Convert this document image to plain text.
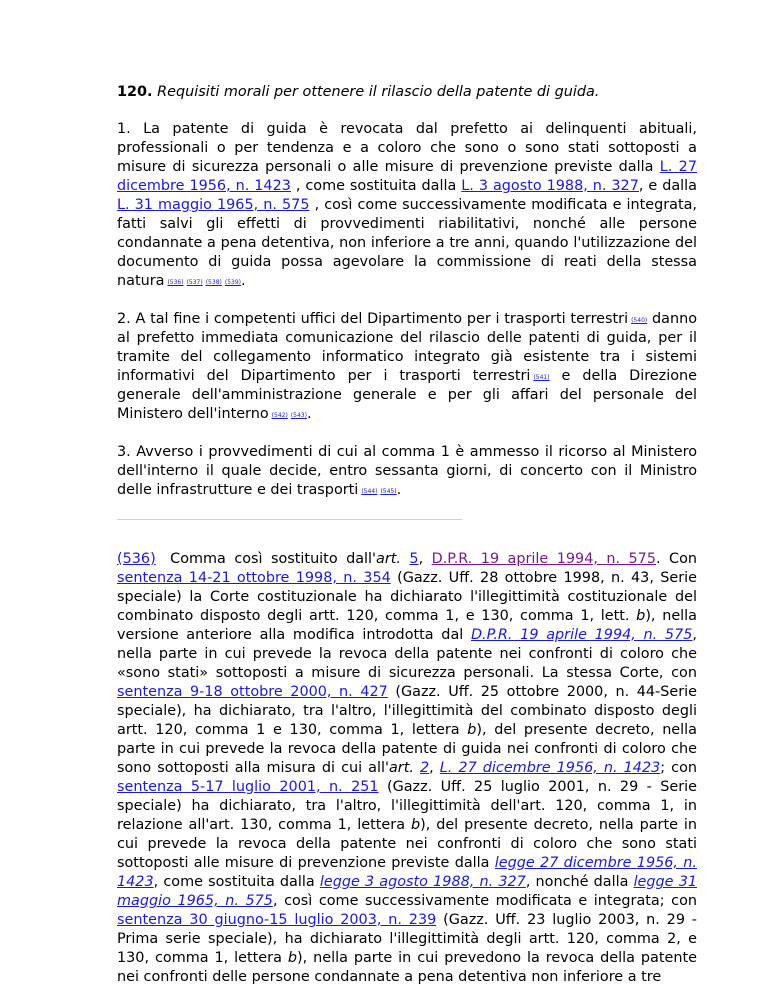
120. Requisiti morali per ottenere il rilascio della patente di guida.

1. La patente di guida è revocata dal prefetto ai delinquenti abituali, professionali o per tendenza e a coloro che sono o sono stati sottoposti a misure di sicurezza personali o alle misure di prevenzione previste dalla L. 27 dicembre 1956, n. 1423 , come sostituita dalla L. 3 agosto 1988, n. 327, e dalla L. 31 maggio 1965, n. 575 , così come successivamente modificata e integrata, fatti salvi gli effetti di provvedimenti riabilitativi, nonché alle persone condannate a pena detentiva, non inferiore a tre anni, quando l'utilizzazione del documento di guida possa agevolare la commissione di reati della stessa natura $^{(536)}$ $^{(537)}$ $^{(538)}$ $^{(539)}$.

2. A tal fine i competenti uffici del Dipartimento per i trasporti terrestri $^{(540)}$ danno al prefetto immediata comunicazione del rilascio delle patenti di guida, per il tramite del collegamento informatico integrato già esistente tra i sistemi informativi del Dipartimento per i trasporti terrestri $^{(541)}$ e della Direzione generale dell'amministrazione generale e per gli affari del personale del Ministero dell'interno $^{(542)}$ $^{(543)}$.

3. Avverso i provvedimenti di cui al comma 1 è ammesso il ricorso al Ministero dell'interno il quale decide, entro sessanta giorni, di concerto con il Ministro delle infrastrutture e dei trasporti $^{(544)}$ $^{(545)}$.

(536) Comma così sostituito dall'art. 5, D.P.R. 19 aprile 1994, n. 575. Con sentenza 14-21 ottobre 1998, n. 354 (Gazz. Uff. 28 ottobre 1998, n. 43, Serie speciale) la Corte costituzionale ha dichiarato l'illegittimità costituzionale del combinato disposto degli artt. 120, comma 1, e 130, comma 1, lett. b), nella versione anteriore alla modifica introdotta dal D.P.R. 19 aprile 1994, n. 575, nella parte in cui prevede la revoca della patente nei confronti di coloro che «sono stati» sottoposti a misure di sicurezza personali. La stessa Corte, con sentenza 9-18 ottobre 2000, n. 427 (Gazz. Uff. 25 ottobre 2000, n. 44-Serie speciale), ha dichiarato, tra l'altro, l'illegittimità del combinato disposto degli artt. 120, comma 1 e 130, comma 1, lettera b), del presente decreto, nella parte in cui prevede la revoca della patente di guida nei confronti di coloro che sono sottoposti alla misura di cui all'art. 2, L. 27 dicembre 1956, n. 1423; con sentenza 5-17 luglio 2001, n. 251 (Gazz. Uff. 25 luglio 2001, n. 29 - Serie speciale) ha dichiarato, tra l'altro, l'illegittimità dell'art. 120, comma 1, in relazione all'art. 130, comma 1, lettera b), del presente decreto, nella parte in cui prevede la revoca della patente nei confronti di coloro che sono stati sottoposti alle misure di prevenzione previste dalla legge 27 dicembre 1956, n. 1423, come sostituita dalla legge 3 agosto 1988, n. 327, nonché dalla legge 31 maggio 1965, n. 575, così come successivamente modificata e integrata; con sentenza 30 giugno-15 luglio 2003, n. 239 (Gazz. Uff. 23 luglio 2003, n. 29 - Prima serie speciale), ha dichiarato l'illegittimità degli artt. 120, comma 2, e 130, comma 1, lettera b), nella parte in cui prevedono la revoca della patente nei confronti delle persone condannate a pena detentiva non inferiore a tre
